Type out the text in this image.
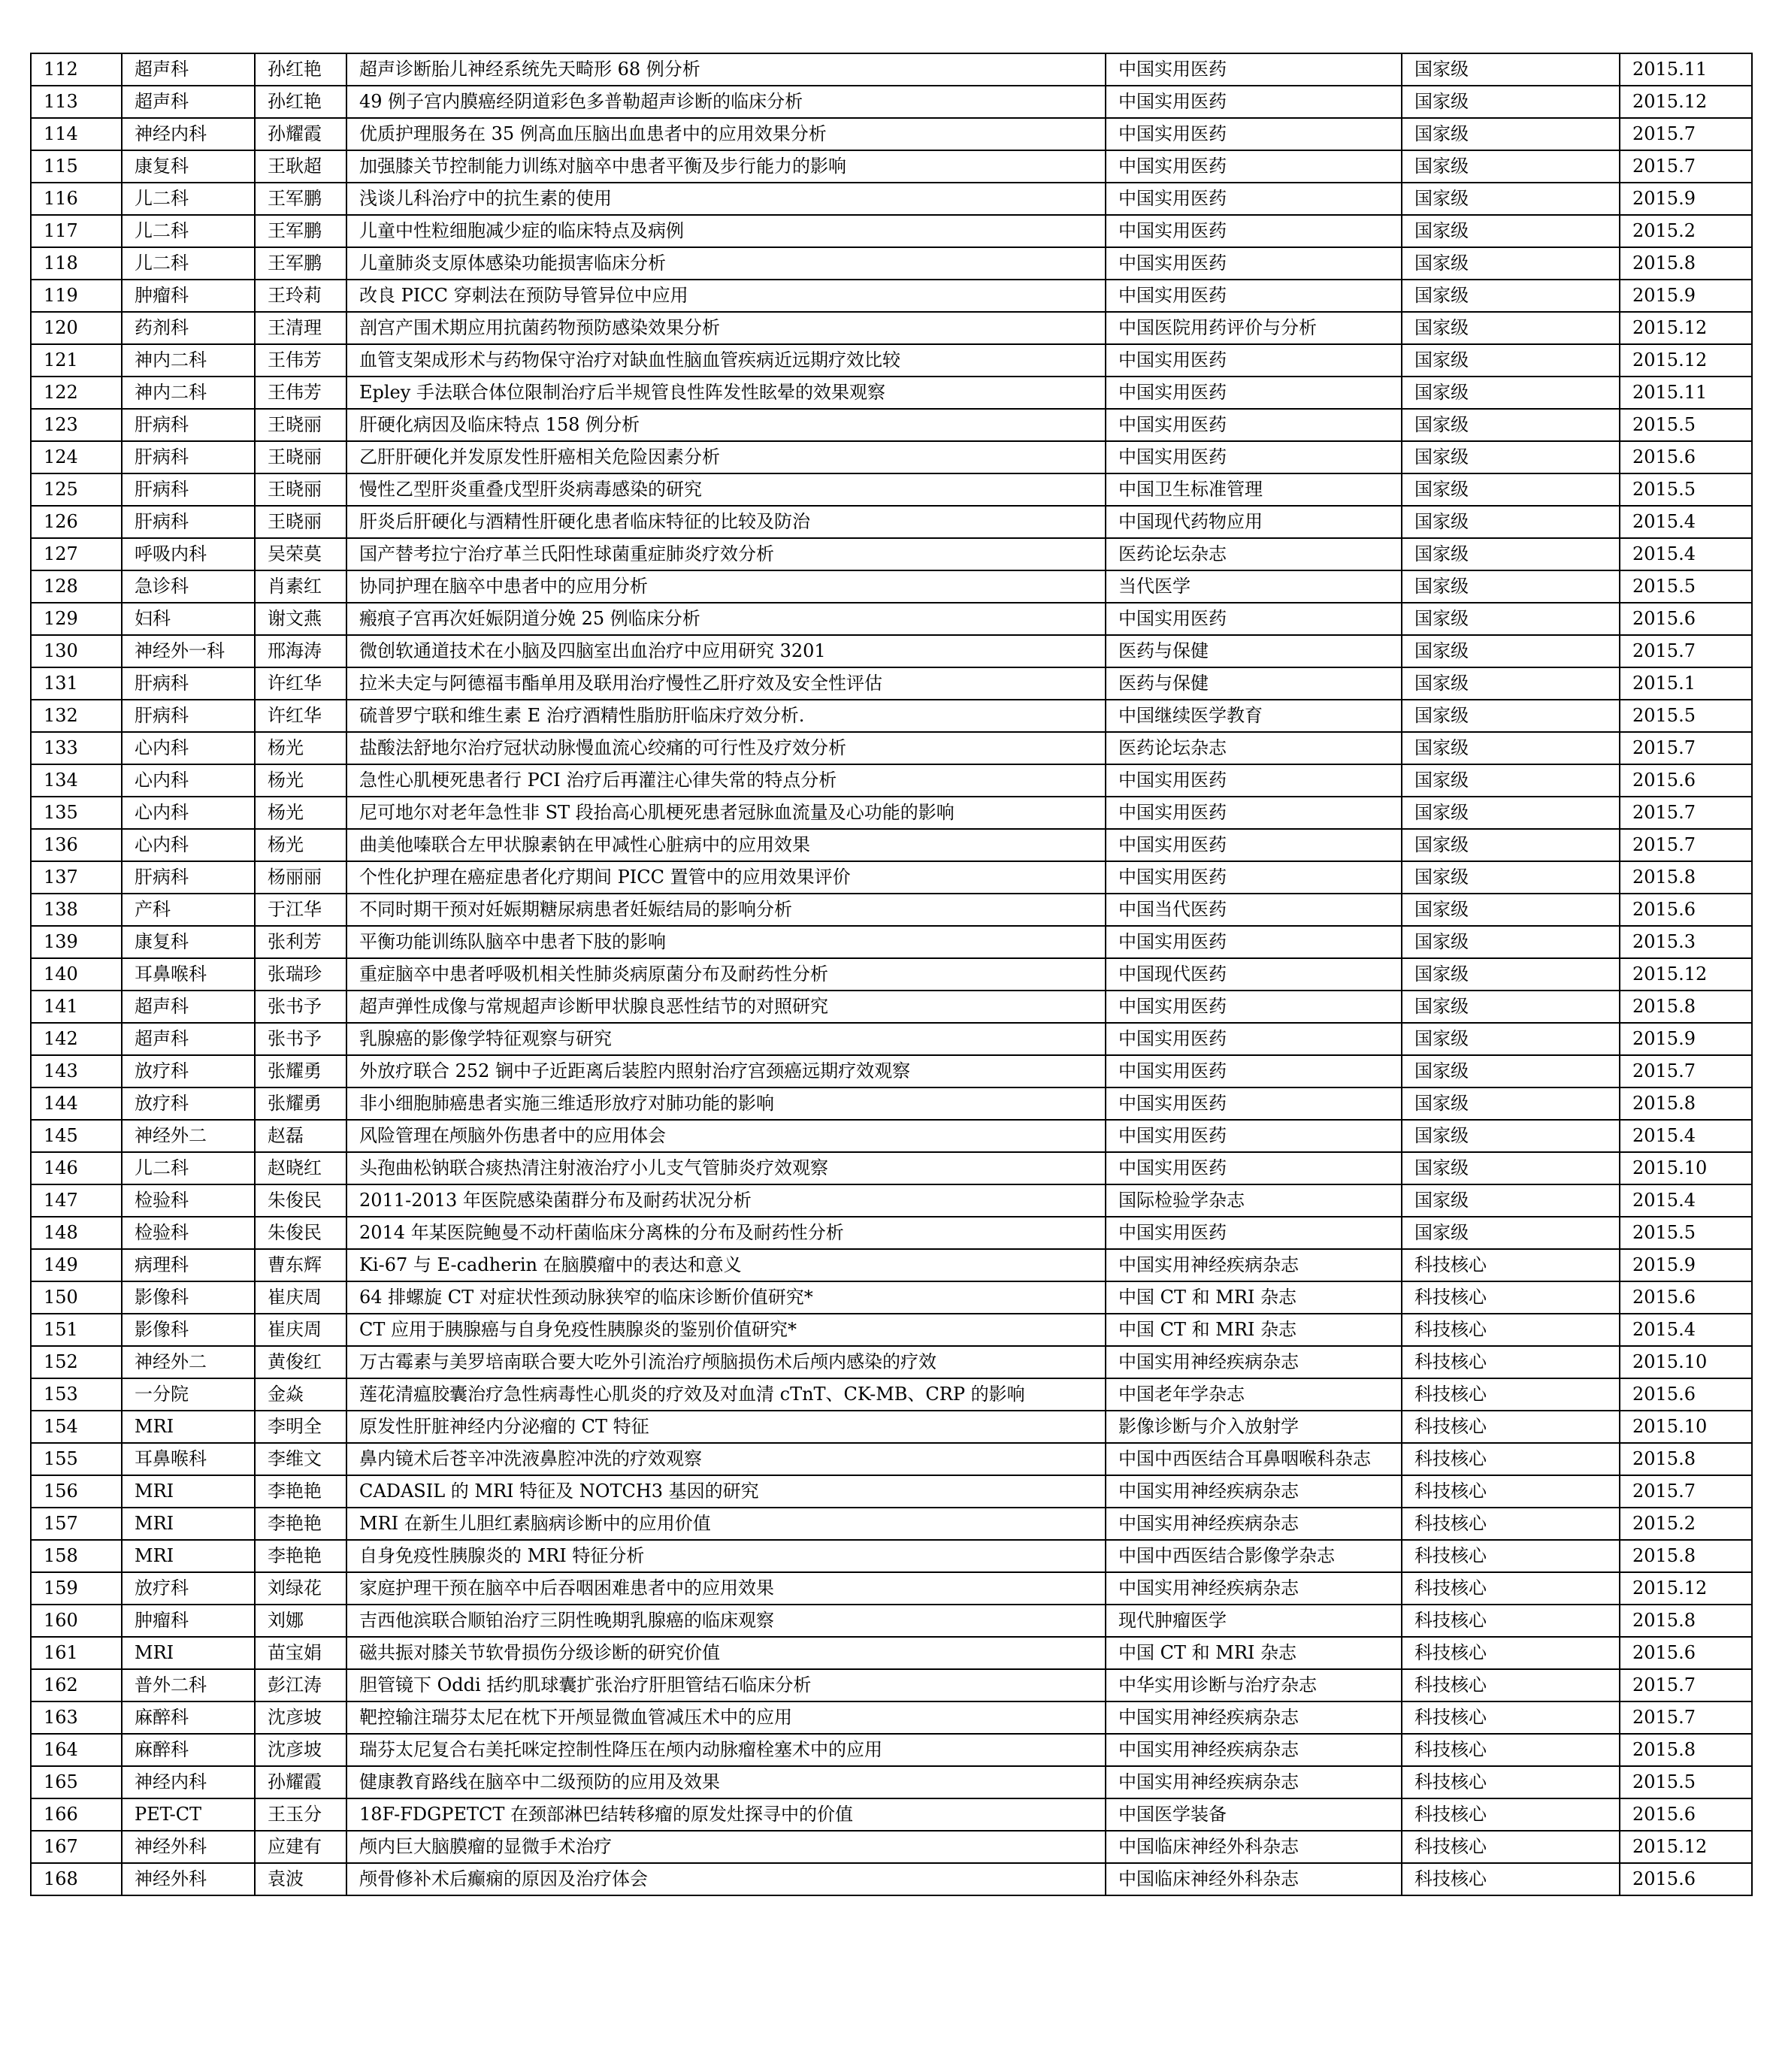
112	超声科	孙红艳	超声诊断胎儿神经系统先天畸形 68 例分析	中国实用医药	国家级	2015.11
113	超声科	孙红艳	49 例子宫内膜癌经阴道彩色多普勒超声诊断的临床分析	中国实用医药	国家级	2015.12
114	神经内科	孙耀霞	优质护理服务在 35 例高血压脑出血患者中的应用效果分析	中国实用医药	国家级	2015.7
115	康复科	王耿超	加强膝关节控制能力训练对脑卒中患者平衡及步行能力的影响	中国实用医药	国家级	2015.7
116	儿二科	王军鹏	浅谈儿科治疗中的抗生素的使用	中国实用医药	国家级	2015.9
117	儿二科	王军鹏	儿童中性粒细胞减少症的临床特点及病例	中国实用医药	国家级	2015.2
118	儿二科	王军鹏	儿童肺炎支原体感染功能损害临床分析	中国实用医药	国家级	2015.8
119	肿瘤科	王玲莉	改良 PICC 穿刺法在预防导管异位中应用	中国实用医药	国家级	2015.9
120	药剂科	王清理	剖宫产围术期应用抗菌药物预防感染效果分析	中国医院用药评价与分析	国家级	2015.12
121	神内二科	王伟芳	血管支架成形术与药物保守治疗对缺血性脑血管疾病近远期疗效比较	中国实用医药	国家级	2015.12
122	神内二科	王伟芳	Epley 手法联合体位限制治疗后半规管良性阵发性眩晕的效果观察	中国实用医药	国家级	2015.11
123	肝病科	王晓丽	肝硬化病因及临床特点 158 例分析	中国实用医药	国家级	2015.5
124	肝病科	王晓丽	乙肝肝硬化并发原发性肝癌相关危险因素分析	中国实用医药	国家级	2015.6
125	肝病科	王晓丽	慢性乙型肝炎重叠戊型肝炎病毒感染的研究	中国卫生标准管理	国家级	2015.5
126	肝病科	王晓丽	肝炎后肝硬化与酒精性肝硬化患者临床特征的比较及防治	中国现代药物应用	国家级	2015.4
127	呼吸内科	吴荣莫	国产替考拉宁治疗革兰氏阳性球菌重症肺炎疗效分析	医药论坛杂志	国家级	2015.4
128	急诊科	肖素红	协同护理在脑卒中患者中的应用分析	当代医学	国家级	2015.5
129	妇科	谢文燕	瘢痕子宫再次妊娠阴道分娩 25 例临床分析	中国实用医药	国家级	2015.6
130	神经外一科	邢海涛	微创软通道技术在小脑及四脑室出血治疗中应用研究 3201	医药与保健	国家级	2015.7
131	肝病科	许红华	拉米夫定与阿德福韦酯单用及联用治疗慢性乙肝疗效及安全性评估	医药与保健	国家级	2015.1
132	肝病科	许红华	硫普罗宁联和维生素 E 治疗酒精性脂肪肝临床疗效分析.	中国继续医学教育	国家级	2015.5
133	心内科	杨光	盐酸法舒地尔治疗冠状动脉慢血流心绞痛的可行性及疗效分析	医药论坛杂志	国家级	2015.7
134	心内科	杨光	急性心肌梗死患者行 PCI 治疗后再灌注心律失常的特点分析	中国实用医药	国家级	2015.6
135	心内科	杨光	尼可地尔对老年急性非 ST 段抬高心肌梗死患者冠脉血流量及心功能的影响	中国实用医药	国家级	2015.7
136	心内科	杨光	曲美他嗪联合左甲状腺素钠在甲减性心脏病中的应用效果	中国实用医药	国家级	2015.7
137	肝病科	杨丽丽	个性化护理在癌症患者化疗期间 PICC 置管中的应用效果评价	中国实用医药	国家级	2015.8
138	产科	于江华	不同时期干预对妊娠期糖尿病患者妊娠结局的影响分析	中国当代医药	国家级	2015.6
139	康复科	张利芳	平衡功能训练队脑卒中患者下肢的影响	中国实用医药	国家级	2015.3
140	耳鼻喉科	张瑞珍	重症脑卒中患者呼吸机相关性肺炎病原菌分布及耐药性分析	中国现代医药	国家级	2015.12
141	超声科	张书予	超声弹性成像与常规超声诊断甲状腺良恶性结节的对照研究	中国实用医药	国家级	2015.8
142	超声科	张书予	乳腺癌的影像学特征观察与研究	中国实用医药	国家级	2015.9
143	放疗科	张耀勇	外放疗联合 252 锎中子近距离后装腔内照射治疗宫颈癌远期疗效观察	中国实用医药	国家级	2015.7
144	放疗科	张耀勇	非小细胞肺癌患者实施三维适形放疗对肺功能的影响	中国实用医药	国家级	2015.8
145	神经外二	赵磊	风险管理在颅脑外伤患者中的应用体会	中国实用医药	国家级	2015.4
146	儿二科	赵晓红	头孢曲松钠联合痰热清注射液治疗小儿支气管肺炎疗效观察	中国实用医药	国家级	2015.10
147	检验科	朱俊民	2011-2013 年医院感染菌群分布及耐药状况分析	国际检验学杂志	国家级	2015.4
148	检验科	朱俊民	2014 年某医院鲍曼不动杆菌临床分离株的分布及耐药性分析	中国实用医药	国家级	2015.5
149	病理科	曹东辉	Ki-67 与 E-cadherin 在脑膜瘤中的表达和意义	中国实用神经疾病杂志	科技核心	2015.9
150	影像科	崔庆周	64 排螺旋 CT 对症状性颈动脉狭窄的临床诊断价值研究*	中国 CT 和 MRI 杂志	科技核心	2015.6
151	影像科	崔庆周	CT 应用于胰腺癌与自身免疫性胰腺炎的鉴别价值研究*	中国 CT 和 MRI 杂志	科技核心	2015.4
152	神经外二	黄俊红	万古霉素与美罗培南联合要大吃外引流治疗颅脑损伤术后颅内感染的疗效	中国实用神经疾病杂志	科技核心	2015.10
153	一分院	金焱	莲花清瘟胶囊治疗急性病毒性心肌炎的疗效及对血清 cTnT、CK-MB、CRP 的影响	中国老年学杂志	科技核心	2015.6
154	MRI	李明全	原发性肝脏神经内分泌瘤的 CT 特征	影像诊断与介入放射学	科技核心	2015.10
155	耳鼻喉科	李维文	鼻内镜术后苍辛冲洗液鼻腔冲洗的疗效观察	中国中西医结合耳鼻咽喉科杂志	科技核心	2015.8
156	MRI	李艳艳	CADASIL 的 MRI 特征及 NOTCH3 基因的研究	中国实用神经疾病杂志	科技核心	2015.7
157	MRI	李艳艳	MRI 在新生儿胆红素脑病诊断中的应用价值	中国实用神经疾病杂志	科技核心	2015.2
158	MRI	李艳艳	自身免疫性胰腺炎的 MRI 特征分析	中国中西医结合影像学杂志	科技核心	2015.8
159	放疗科	刘绿花	家庭护理干预在脑卒中后吞咽困难患者中的应用效果	中国实用神经疾病杂志	科技核心	2015.12
160	肿瘤科	刘娜	吉西他滨联合顺铂治疗三阴性晚期乳腺癌的临床观察	现代肿瘤医学	科技核心	2015.8
161	MRI	苗宝娟	磁共振对膝关节软骨损伤分级诊断的研究价值	中国 CT 和 MRI 杂志	科技核心	2015.6
162	普外二科	彭江涛	胆管镜下 Oddi 括约肌球囊扩张治疗肝胆管结石临床分析	中华实用诊断与治疗杂志	科技核心	2015.7
163	麻醉科	沈彦坡	靶控输注瑞芬太尼在枕下开颅显微血管减压术中的应用	中国实用神经疾病杂志	科技核心	2015.7
164	麻醉科	沈彦坡	瑞芬太尼复合右美托咪定控制性降压在颅内动脉瘤栓塞术中的应用	中国实用神经疾病杂志	科技核心	2015.8
165	神经内科	孙耀霞	健康教育路线在脑卒中二级预防的应用及效果	中国实用神经疾病杂志	科技核心	2015.5
166	PET-CT	王玉分	18F-FDGPETCT 在颈部淋巴结转移瘤的原发灶探寻中的价值	中国医学装备	科技核心	2015.6
167	神经外科	应建有	颅内巨大脑膜瘤的显微手术治疗	中国临床神经外科杂志	科技核心	2015.12
168	神经外科	袁波	颅骨修补术后癫痫的原因及治疗体会	中国临床神经外科杂志	科技核心	2015.6
